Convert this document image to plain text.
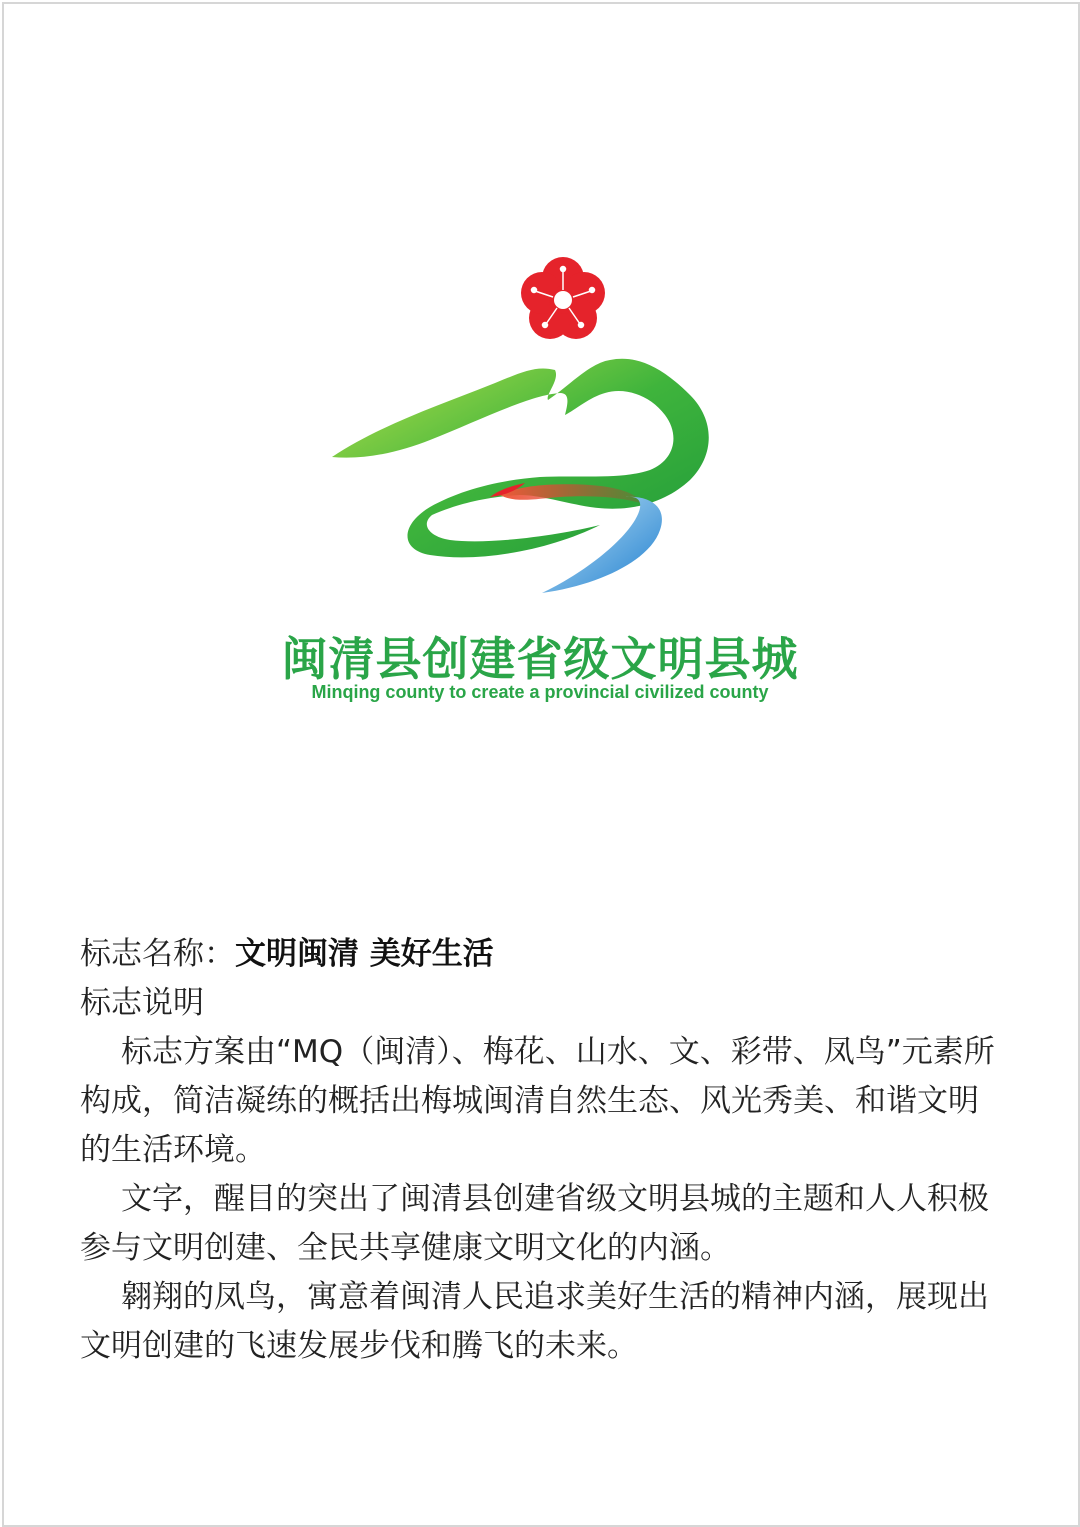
闽清县创建省级文明县城
Minqing county to create a provincial civilized county

标志名称：文明闽清 美好生活

标志说明

标志方案由“MQ（闽清）、梅花、山水、文、彩带、凤鸟”元素所构成，简洁凝练的概括出梅城闽清自然生态、风光秀美、和谐文明的生活环境。

文字，醒目的突出了闽清县创建省级文明县城的主题和人人积极参与文明创建、全民共享健康文明文化的内涵。

翱翔的凤鸟，寓意着闽清人民追求美好生活的精神内涵，展现出文明创建的飞速发展步伐和腾飞的未来。
